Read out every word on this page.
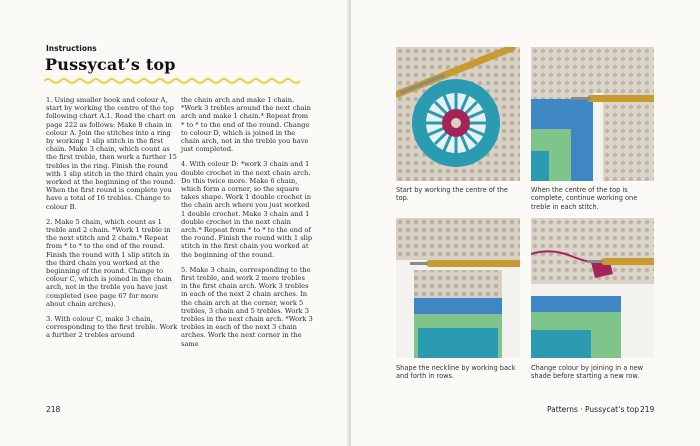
Instructions
Pussycat’s top

1. Using smaller hook and colour A, start by working the centre of the top following chart A.1. Read the chart on page 222 as follows: Make 8 chain in colour A. Join the stitches into a ring by working 1 slip stitch in the first chain. Make 3 chain, which count as the first treble, then work a further 15 trebles in the ring. Finish the round with 1 slip stitch in the third chain you worked at the beginning of the round. When the first round is complete you have a total of 16 trebles. Change to colour B.

2. Make 5 chain, which count as 1 treble and 2 chain. *Work 1 treble in the next stitch and 2 chain.* Repeat from * to * to the end of the round. Finish the round with 1 slip stitch in the third chain you worked at the beginning of the round. Change to colour C, which is joined in the chain arch, not in the treble you have just completed (see page 67 for more about chain arches).

3. With colour C, make 3 chain, corresponding to the first treble. Work a further 2 trebles around

the chain arch and make 1 chain. *Work 3 trebles around the next chain arch and make 1 chain.* Repeat from * to * to the end of the round. Change to colour D, which is joined in the chain arch, not in the treble you have just completed.

4. With colour D: *work 3 chain and 1 double crochet in the next chain arch. Do this twice more. Make 6 chain, which form a corner, so the square takes shape. Work 1 double crochet in the chain arch where you just worked 1 double crochet. Make 3 chain and 1 double crochet in the next chain arch.* Repeat from * to * to the end of the round. Finish the round with 1 slip stitch in the first chain you worked at the beginning of the round.

5. Make 3 chain, corresponding to the first treble, and work 2 more trebles in the first chain arch. Work 3 trebles in each of the next 2 chain arches. In the chain arch at the corner, work 5 trebles, 3 chain and 5 trebles. Work 3 trebles in the next chain arch. *Work 3 trebles in each of the next 3 chain arches. Work the next corner in the same

218
Start by working the centre of the top.
When the centre of the top is complete, continue working one treble in each stitch.
Shape the neckline by working back and forth in rows.
Change colour by joining in a new shade before starting a new row.
Patterns · Pussycat’s top 219
